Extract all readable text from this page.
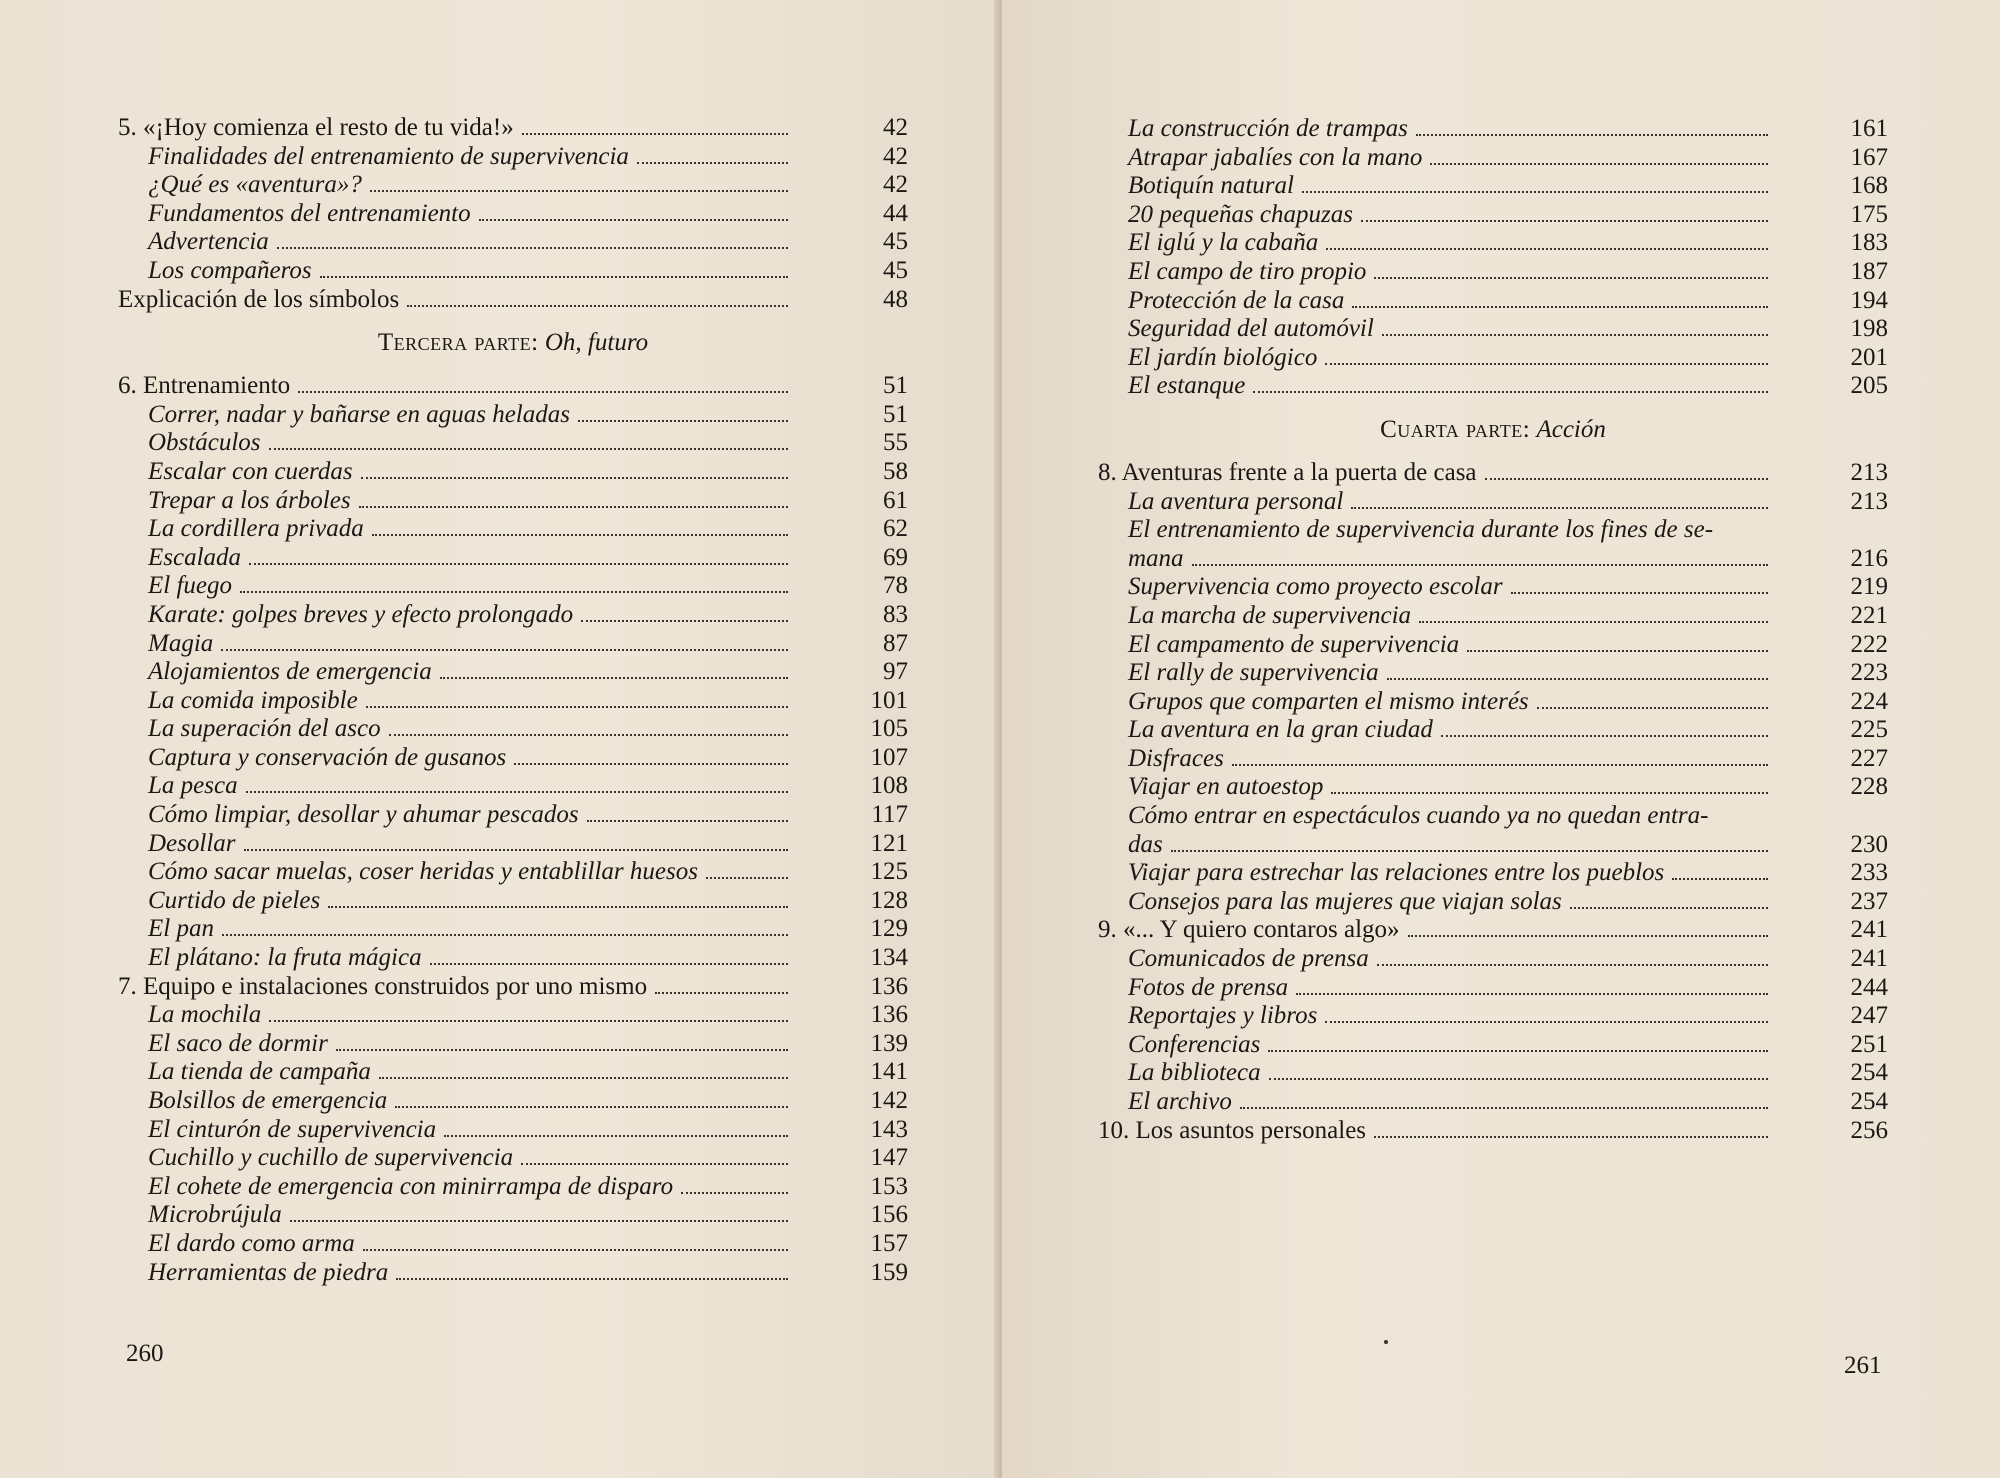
5. «¡Hoy comienza el resto de tu vida!»	42
Finalidades del entrenamiento de supervivencia	42
¿Qué es «aventura»?	42
Fundamentos del entrenamiento	44
Advertencia	45
Los compañeros	45
Explicación de los símbolos	48
Tercera parte: Oh, futuro
6. Entrenamiento	51
Correr, nadar y bañarse en aguas heladas	51
Obstáculos	55
Escalar con cuerdas	58
Trepar a los árboles	61
La cordillera privada	62
Escalada	69
El fuego	78
Karate: golpes breves y efecto prolongado	83
Magia	87
Alojamientos de emergencia	97
La comida imposible	101
La superación del asco	105
Captura y conservación de gusanos	107
La pesca	108
Cómo limpiar, desollar y ahumar pescados	117
Desollar	121
Cómo sacar muelas, coser heridas y entablillar huesos	125
Curtido de pieles	128
El pan	129
El plátano: la fruta mágica	134
7. Equipo e instalaciones construidos por uno mismo	136
La mochila	136
El saco de dormir	139
La tienda de campaña	141
Bolsillos de emergencia	142
El cinturón de supervivencia	143
Cuchillo y cuchillo de supervivencia	147
El cohete de emergencia con minirrampa de disparo	153
Microbrújula	156
El dardo como arma	157
Herramientas de piedra	159
260
La construcción de trampas	161
Atrapar jabalíes con la mano	167
Botiquín natural	168
20 pequeñas chapuzas	175
El iglú y la cabaña	183
El campo de tiro propio	187
Protección de la casa	194
Seguridad del automóvil	198
El jardín biológico	201
El estanque	205
Cuarta parte: Acción
8. Aventuras frente a la puerta de casa	213
La aventura personal	213
El entrenamiento de supervivencia durante los fines de se-
mana	216
Supervivencia como proyecto escolar	219
La marcha de supervivencia	221
El campamento de supervivencia	222
El rally de supervivencia	223
Grupos que comparten el mismo interés	224
La aventura en la gran ciudad	225
Disfraces	227
Viajar en autoestop	228
Cómo entrar en espectáculos cuando ya no quedan entra-
das	230
Viajar para estrechar las relaciones entre los pueblos	233
Consejos para las mujeres que viajan solas	237
9. «... Y quiero contaros algo»	241
Comunicados de prensa	241
Fotos de prensa	244
Reportajes y libros	247
Conferencias	251
La biblioteca	254
El archivo	254
10. Los asuntos personales	256
261
